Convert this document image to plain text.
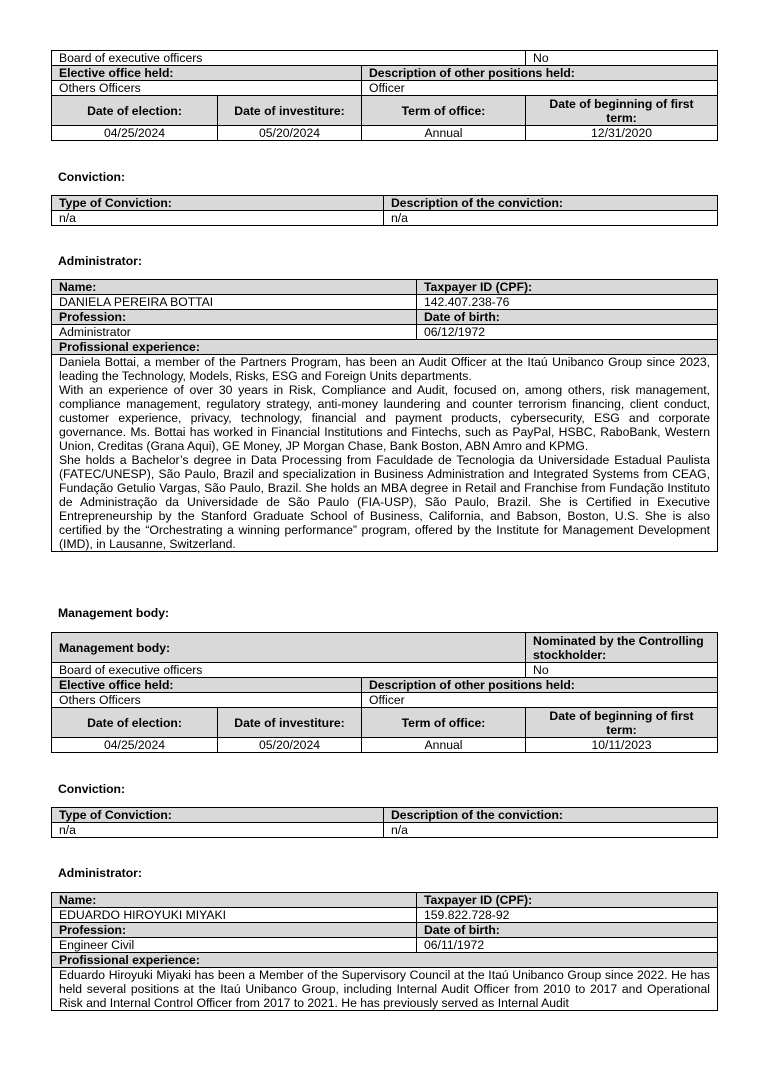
Board of executive officers			No
Elective office held:		Description of other positions held:	
Others Officers		Officer	
Date of election:	Date of investiture:	Term of office:	Date of beginning of first term:
04/25/2024	05/20/2024	Annual	12/31/2020
Conviction:
Type of Conviction:	Description of the conviction:
n/a	n/a
Administrator:
Name:	Taxpayer ID (CPF):
DANIELA PEREIRA BOTTAI	142.407.238-76
Profession:	Date of birth:
Administrator	06/12/1972
Profissional experience:	

Daniela Bottai, a member of the Partners Program, has been an Audit Officer at the Itaú Unibanco Group since 2023, leading the Technology, Models, Risks, ESG and Foreign Units departments.

With an experience of over 30 years in Risk, Compliance and Audit, focused on, among others, risk management, compliance management, regulatory strategy, anti-money laundering and counter terrorism financing, client conduct, customer experience, privacy, technology, financial and payment products, cybersecurity, ESG and corporate governance. Ms. Bottai has worked in Financial Institutions and Fintechs, such as PayPal, HSBC, RaboBank, Western Union, Creditas (Grana Aqui), GE Money, JP Morgan Chase, Bank Boston, ABN Amro and KPMG.

She holds a Bachelor’s degree in Data Processing from Faculdade de Tecnologia da Universidade Estadual Paulista (FATEC/UNESP), São Paulo, Brazil and specialization in Business Administration and Integrated Systems from CEAG, Fundação Getulio Vargas, São Paulo, Brazil. She holds an MBA degree in Retail and Franchise from Fundação Instituto de Administração da Universidade de São Paulo (FIA-USP), São Paulo, Brazil. She is Certified in Executive Entrepreneurship by the Stanford Graduate School of Business, California, and Babson, Boston, U.S. She is also certified by the “Orchestrating a winning performance” program, offered by the Institute for Management Development (IMD), in Lausanne, Switzerland.	

Management body:
Management body:			Nominated by the Controlling stockholder:
Board of executive officers			No
Elective office held:		Description of other positions held:	
Others Officers		Officer	
Date of election:	Date of investiture:	Term of office:	Date of beginning of first term:
04/25/2024	05/20/2024	Annual	10/11/2023
Conviction:
Type of Conviction:	Description of the conviction:
n/a	n/a
Administrator:
Name:	Taxpayer ID (CPF):
EDUARDO HIROYUKI MIYAKI	159.822.728-92
Profession:	Date of birth:
Engineer Civil	06/11/1972
Profissional experience:	

Eduardo Hiroyuki Miyaki has been a Member of the Supervisory Council at the Itaú Unibanco Group since 2022. He has held several positions at the Itaú Unibanco Group, including Internal Audit Officer from 2010 to 2017 and Operational Risk and Internal Control Officer from 2017 to 2021. He has previously served as Internal Audit	
